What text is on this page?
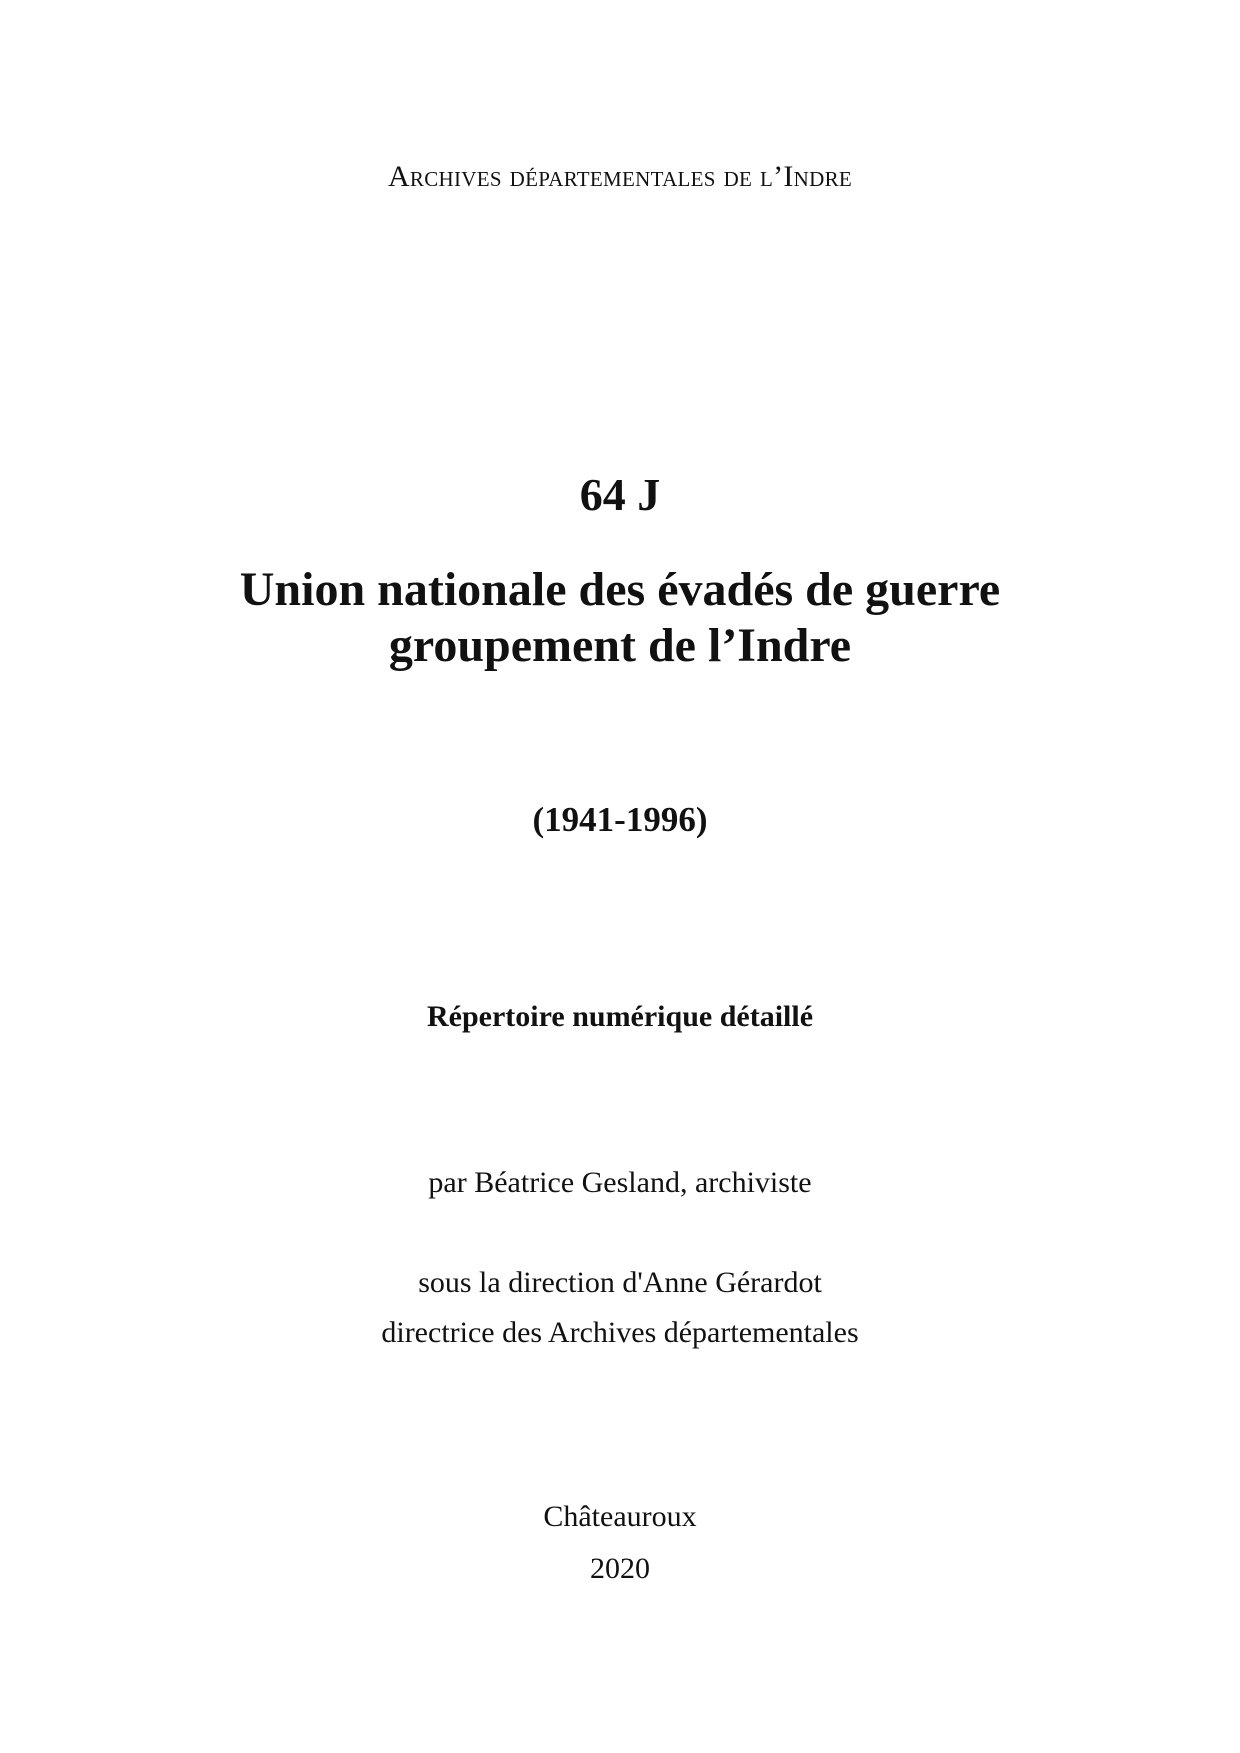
Archives départementales de l’Indre
64 J
Union nationale des évadés de guerre
groupement de l’Indre
(1941-1996)
Répertoire numérique détaillé
par Béatrice Gesland, archiviste
sous la direction d'Anne Gérardot
directrice des Archives départementales
Châteauroux
2020
